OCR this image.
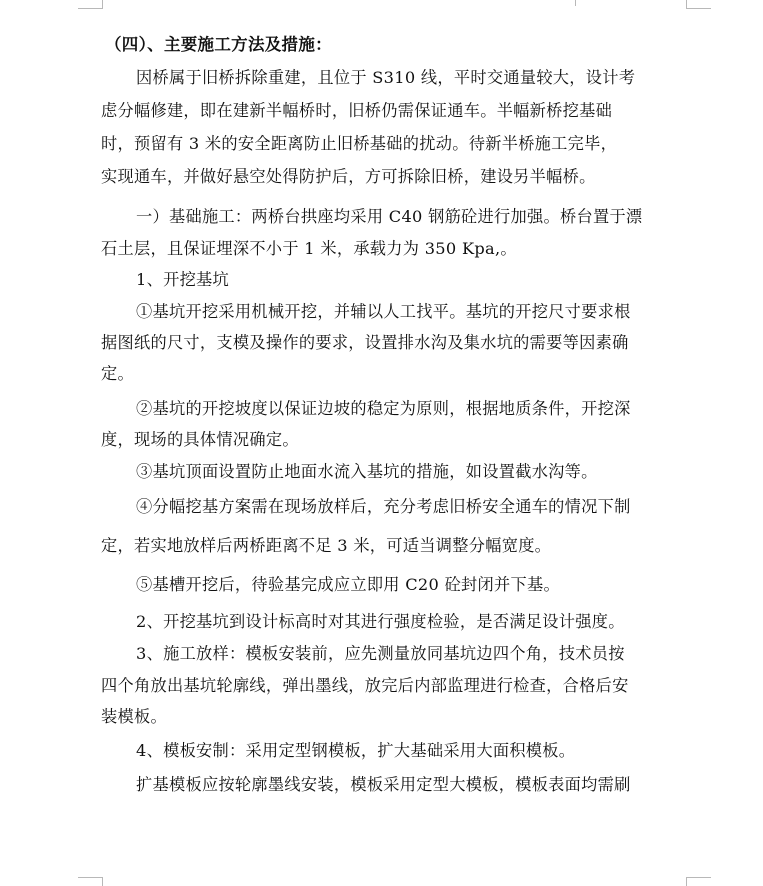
（四）、主要施工方法及措施：
因桥属于旧桥拆除重建，且位于 S310 线，平时交通量较大，设计考
虑分幅修建，即在建新半幅桥时，旧桥仍需保证通车。半幅新桥挖基础
时，预留有 3 米的安全距离防止旧桥基础的扰动。待新半桥施工完毕，
实现通车，并做好悬空处得防护后，方可拆除旧桥，建设另半幅桥。
一）基础施工：两桥台拱座均采用 C40 钢筋砼进行加强。桥台置于漂
石土层，且保证埋深不小于 1 米，承载力为 350 Kpa,。
1、开挖基坑
①基坑开挖采用机械开挖，并辅以人工找平。基坑的开挖尺寸要求根
据图纸的尺寸，支模及操作的要求，设置排水沟及集水坑的需要等因素确
定。
②基坑的开挖坡度以保证边坡的稳定为原则，根据地质条件，开挖深
度，现场的具体情况确定。
③基坑顶面设置防止地面水流入基坑的措施，如设置截水沟等。
④分幅挖基方案需在现场放样后，充分考虑旧桥安全通车的情况下制
定，若实地放样后两桥距离不足 3 米，可适当调整分幅宽度。
⑤基槽开挖后，待验基完成应立即用 C20 砼封闭并下基。
2、开挖基坑到设计标高时对其进行强度检验，是否满足设计强度。
3、施工放样：模板安装前，应先测量放同基坑边四个角，技术员按
四个角放出基坑轮廓线，弹出墨线，放完后内部监理进行检查，合格后安
装模板。
4、模板安制：采用定型钢模板，扩大基础采用大面积模板。
扩基模板应按轮廓墨线安装，模板采用定型大模板，模板表面均需刷
